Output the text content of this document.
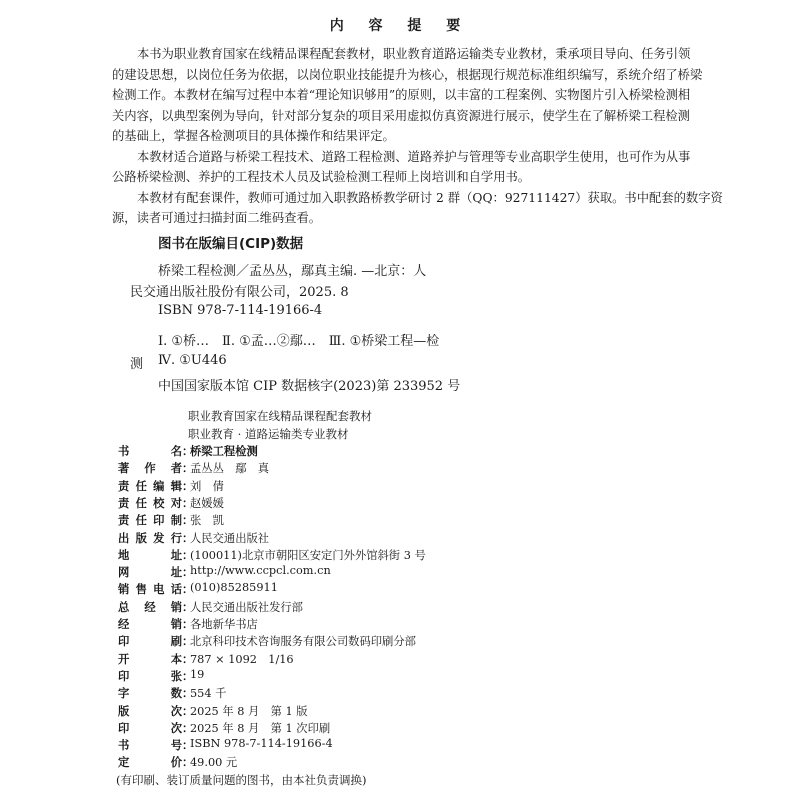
内 容 提 要
本书为职业教育国家在线精品课程配套教材，职业教育道路运输类专业教材，秉承项目导向、任务引领
的建设思想，以岗位任务为依据，以岗位职业技能提升为核心，根据现行规范标准组织编写，系统介绍了桥梁
检测工作。本教材在编写过程中本着“理论知识够用”的原则，以丰富的工程案例、实物图片引入桥梁检测相
关内容，以典型案例为导向，针对部分复杂的项目采用虚拟仿真资源进行展示，使学生在了解桥梁工程检测
的基础上，掌握各检测项目的具体操作和结果评定。
本教材适合道路与桥梁工程技术、道路工程检测、道路养护与管理等专业高职学生使用，也可作为从事
公路桥梁检测、养护的工程技术人员及试验检测工程师上岗培训和自学用书。
本教材有配套课件，教师可通过加入职教路桥教学研讨 2 群（QQ：927111427）获取。书中配套的数字资
源，读者可通过扫描封面二维码查看。
图书在版编目(CIP)数据
桥梁工程检测／孟丛丛，鄢真主编. —北京：人
民交通出版社股份有限公司，2025. 8
ISBN 978-7-114-19166-4
Ⅰ. ①桥…　Ⅱ. ①孟…②鄢…　Ⅲ. ①桥梁工程—检
测 Ⅳ. ①U446
中国国家版本馆 CIP 数据核字(2023)第 233952 号
职业教育国家在线精品课程配套教材
职业教育 · 道路运输类专业教材
书名 ：
桥梁工程检测
著作者 ：
孟丛丛　鄢　真
责任编辑 ：
刘　倩
责任校对 ：
赵媛媛
责任印制 ：
张　凯
出版发行 ：
人民交通出版社
地址 ：
(100011)北京市朝阳区安定门外外馆斜街 3 号
网址 ：
http://www.ccpcl.com.cn
销售电话 ：
(010)85285911
总经销 ：
人民交通出版社发行部
经销 ：
各地新华书店
印刷 ：
北京科印技术咨询服务有限公司数码印刷分部
开本 ：
787 × 1092　1/16
印张 ：
19
字数 ：
554 千
版次 ：
2025 年 8 月　第 1 版
印次 ：
2025 年 8 月　第 1 次印刷
书号 ：
ISBN 978-7-114-19166-4
定价 ：
49.00 元
(有印刷、装订质量问题的图书，由本社负责调换)
